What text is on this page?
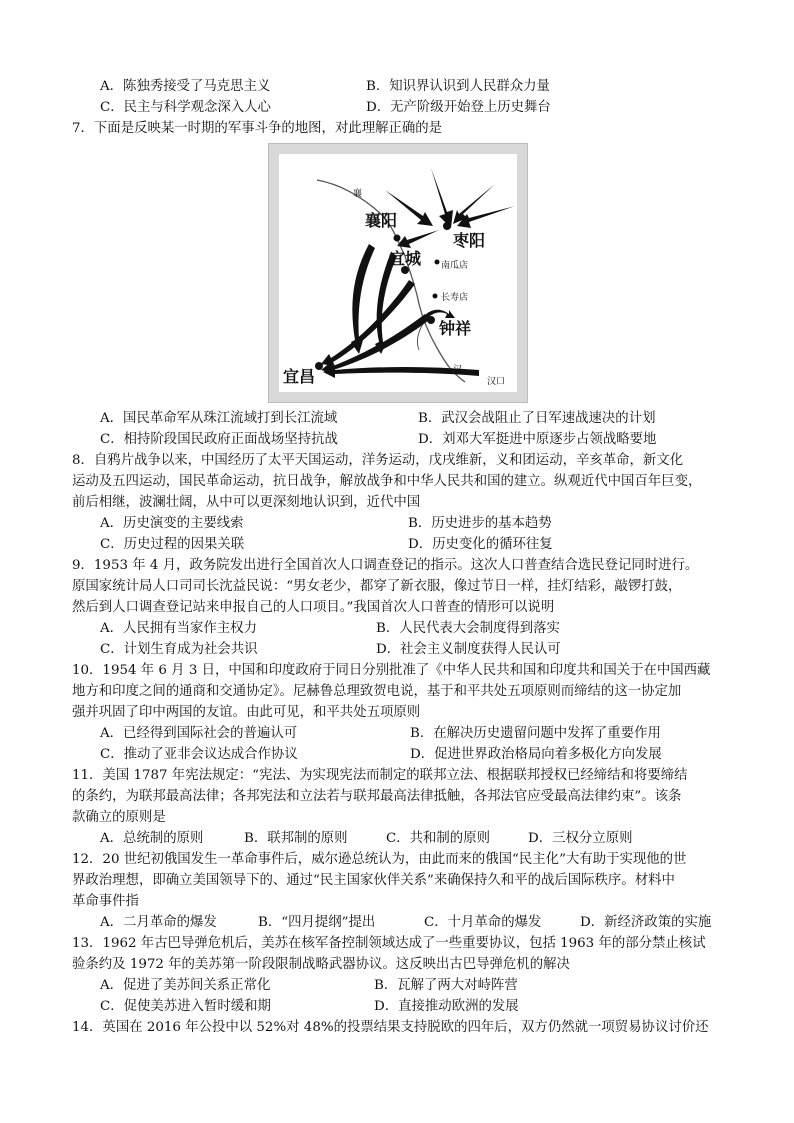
A．陈独秀接受了马克思主义	B．知识界认识到人民群众力量
C．民主与科学观念深入人心	D．无产阶级开始登上历史舞台
7．下面是反映某一时期的军事斗争的地图，对此理解正确的是
襄
襄阳
枣阳
宜城 南瓜店
长寿店
钟祥
宜昌	汉
汉口
A．国民革命军从珠江流域打到长江流域	B．武汉会战阻止了日军速战速决的计划
C．相持阶段国民政府正面战场坚持抗战	D．刘邓大军挺进中原逐步占领战略要地
8．自鸦片战争以来，中国经历了太平天国运动，洋务运动，戊戌维新，义和团运动，辛亥革命，新文化
运动及五四运动，国民革命运动，抗日战争，解放战争和中华人民共和国的建立。纵观近代中国百年巨变，
前后相继，波澜壮阔，从中可以更深刻地认识到，近代中国
A．历史演变的主要线索	B．历史进步的基本趋势
C．历史过程的因果关联	D．历史变化的循环往复
9．1953 年 4 月，政务院发出进行全国首次人口调查登记的指示。这次人口普查结合选民登记同时进行。
原国家统计局人口司司长沈益民说：“男女老少，都穿了新衣服，像过节日一样，挂灯结彩，敲锣打鼓，
然后到人口调查登记站来申报自己的人口项目。”我国首次人口普查的情形可以说明
A．人民拥有当家作主权力	B．人民代表大会制度得到落实
C．计划生育成为社会共识	D．社会主义制度获得人民认可
10．1954 年 6 月 3 日，中国和印度政府于同日分别批准了《中华人民共和国和印度共和国关于在中国西藏
地方和印度之间的通商和交通协定》。尼赫鲁总理致贺电说，基于和平共处五项原则而缔结的这一协定加
强并巩固了印中两国的友谊。由此可见，和平共处五项原则
A．已经得到国际社会的普遍认可	B．在解决历史遗留问题中发挥了重要作用
C．推动了亚非会议达成合作协议	D．促进世界政治格局向着多极化方向发展
11．美国 1787 年宪法规定：“宪法、为实现宪法而制定的联邦立法、根据联邦授权已经缔结和将要缔结
的条约，为联邦最高法律；各邦宪法和立法若与联邦最高法律抵触，各邦法官应受最高法律约束”。该条
款确立的原则是
A．总统制的原则	B．联邦制的原则	C．共和制的原则	D．三权分立原则
12．20 世纪初俄国发生一革命事件后，威尔逊总统认为，由此而来的俄国“民主化”大有助于实现他的世
界政治理想，即确立美国领导下的、通过“民主国家伙伴关系”来确保持久和平的战后国际秩序。材料中
革命事件指
A．二月革命的爆发	B．“四月提纲”提出	C．十月革命的爆发	D．新经济政策的实施
13．1962 年古巴导弹危机后，美苏在核军备控制领域达成了一些重要协议，包括 1963 年的部分禁止核试
验条约及 1972 年的美苏第一阶段限制战略武器协议。这反映出古巴导弹危机的解决
A．促进了美苏间关系正常化	B．瓦解了两大对峙阵营
C．促使美苏进入暂时缓和期	D．直接推动欧洲的发展
14．英国在 2016 年公投中以 52%对 48%的投票结果支持脱欧的四年后，双方仍然就一项贸易协议讨价还
